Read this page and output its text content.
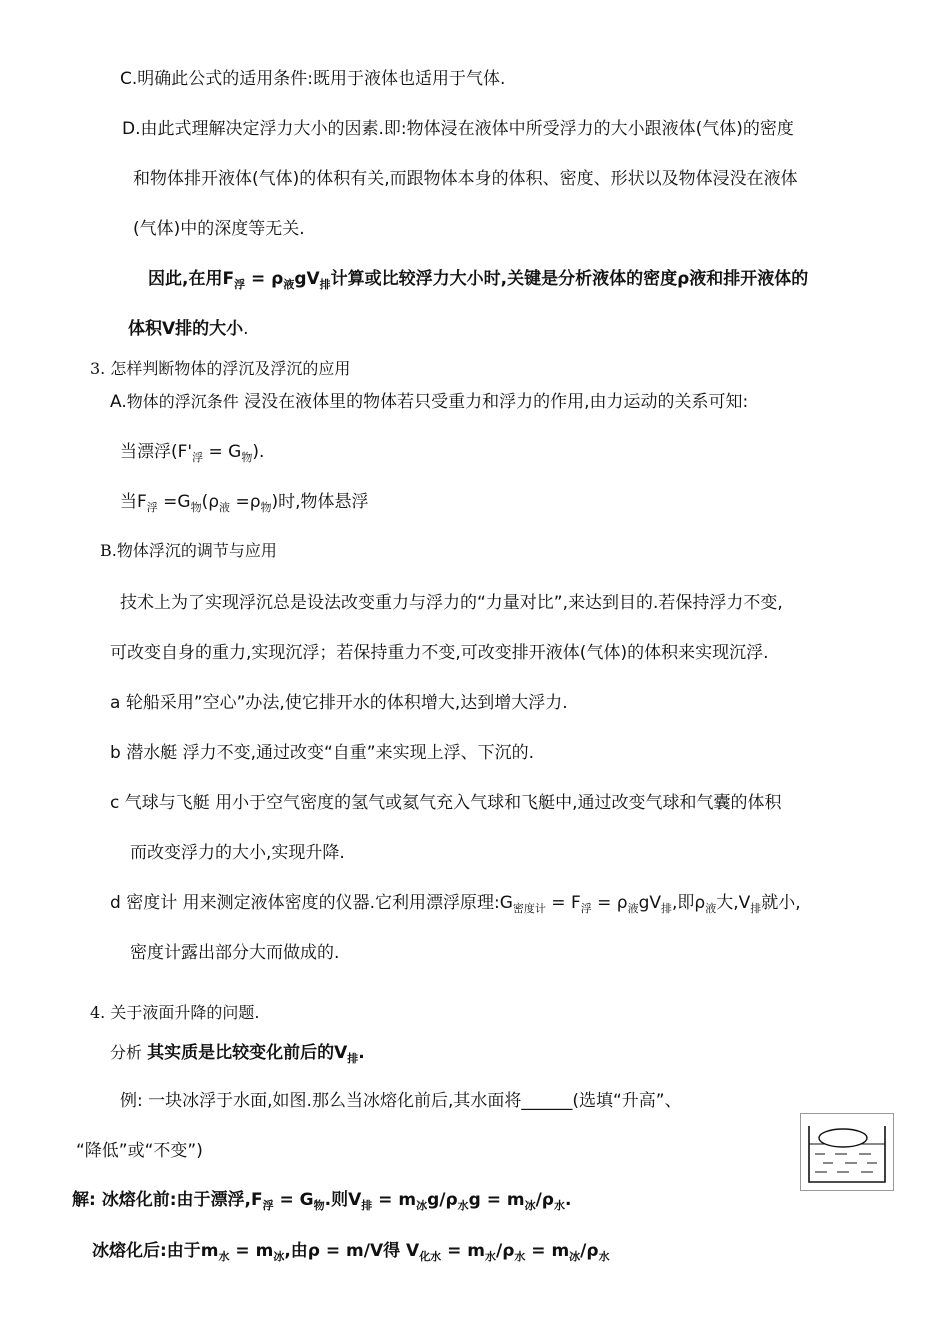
C.明确此公式的适用条件:既用于液体也适用于气体.
D.由此式理解决定浮力大小的因素.即:物体浸在液体中所受浮力的大小跟液体(气体)的密度
和物体排开液体(气体)的体积有关,而跟物体本身的体积、密度、形状以及物体浸没在液体
(气体)中的深度等无关.
因此,在用$F_浮 = \rho_液gV_排$计算或比较浮力大小时,关键是分析液体的密度ρ液和排开液体的
体积V排的大小.
3. 怎样判断物体的浮沉及浮沉的应用
A.物体的浮沉条件 浸没在液体里的物体若只受重力和浮力的作用,由力运动的关系可知:
当漂浮$(F'_浮 = G_物)$.
当$F_浮 =G_物(\rho_液 =\rho_物)$时,物体悬浮
B.物体浮沉的调节与应用
技术上为了实现浮沉总是设法改变重力与浮力的“力量对比”,来达到目的.若保持浮力不变,
可改变自身的重力,实现沉浮；若保持重力不变,可改变排开液体(气体)的体积来实现沉浮.
a 轮船采用”空心”办法,使它排开水的体积增大,达到增大浮力.
b 潜水艇 浮力不变,通过改变“自重”来实现上浮、下沉的.
c 气球与飞艇 用小于空气密度的氢气或氦气充入气球和飞艇中,通过改变气球和气囊的体积
而改变浮力的大小,实现升降.
d 密度计 用来测定液体密度的仪器.它利用漂浮原理$:G_{密度计} = F_浮 = \rho_液gV_排$,即$\rho_液$大$,V_排$就小,
密度计露出部分大而做成的.
4. 关于液面升降的问题.
分析 其实质是比较变化前后的$V_排$.
例: 一块冰浮于水面,如图.那么当冰熔化前后,其水面将______(选填“升高”、
“降低”或“不变”)
解: 冰熔化前:由于漂浮$,F_浮 = G_物$.则$V_排 = m_冰g/\rho_水g = m_冰/\rho_水$.
冰熔化后:由于$m_水 = m_冰$,由ρ = m/V得 $V_{化水} = m_水/\rho_水 = m_冰/\rho_水$
